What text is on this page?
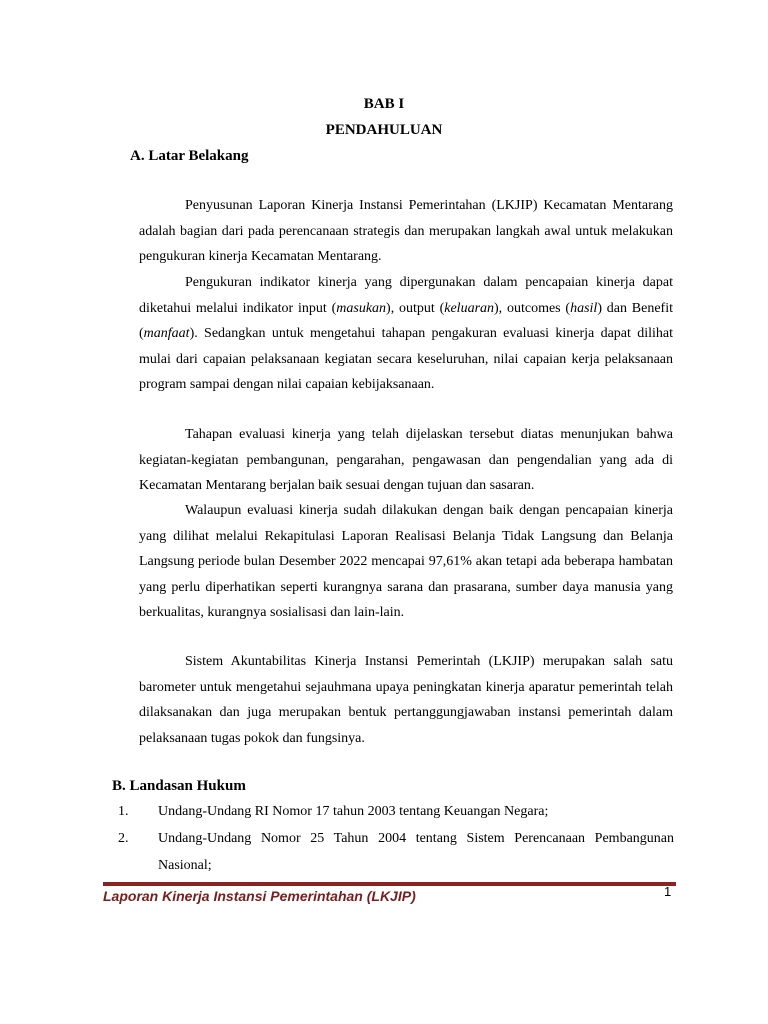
BAB I
PENDAHULUAN
A. Latar Belakang

Penyusunan Laporan Kinerja Instansi Pemerintahan (LKJIP) Kecamatan Mentarang adalah bagian dari pada perencanaan strategis dan merupakan langkah awal untuk melakukan pengukuran kinerja Kecamatan Mentarang.

Pengukuran indikator kinerja yang dipergunakan dalam pencapaian kinerja dapat diketahui melalui indikator input (masukan), output (keluaran), outcomes (hasil) dan Benefit (manfaat). Sedangkan untuk mengetahui tahapan pengakuran evaluasi kinerja dapat dilihat mulai dari capaian pelaksanaan kegiatan secara keseluruhan, nilai capaian kerja pelaksanaan program sampai dengan nilai capaian kebijaksanaan.

Tahapan evaluasi kinerja yang telah dijelaskan tersebut diatas menunjukan bahwa kegiatan-kegiatan pembangunan, pengarahan, pengawasan dan pengendalian yang ada di Kecamatan Mentarang berjalan baik sesuai dengan tujuan dan sasaran.

Walaupun evaluasi kinerja sudah dilakukan dengan baik dengan pencapaian kinerja yang dilihat melalui Rekapitulasi Laporan Realisasi Belanja Tidak Langsung dan Belanja Langsung periode bulan Desember 2022 mencapai 97,61% akan tetapi ada beberapa hambatan yang perlu diperhatikan seperti kurangnya sarana dan prasarana, sumber daya manusia yang berkualitas, kurangnya sosialisasi dan lain-lain.

Sistem Akuntabilitas Kinerja Instansi Pemerintah (LKJIP) merupakan salah satu barometer untuk mengetahui sejauhmana upaya peningkatan kinerja aparatur pemerintah telah dilaksanakan dan juga merupakan bentuk pertanggungjawaban instansi pemerintah dalam pelaksanaan tugas pokok dan fungsinya.

B. Landasan Hukum
1. Undang-Undang RI Nomor 17 tahun 2003 tentang Keuangan Negara;
2. Undang-Undang Nomor 25 Tahun 2004 tentang Sistem Perencanaan Pembangunan Nasional;
Laporan Kinerja Instansi Pemerintahan (LKJIP)	1
